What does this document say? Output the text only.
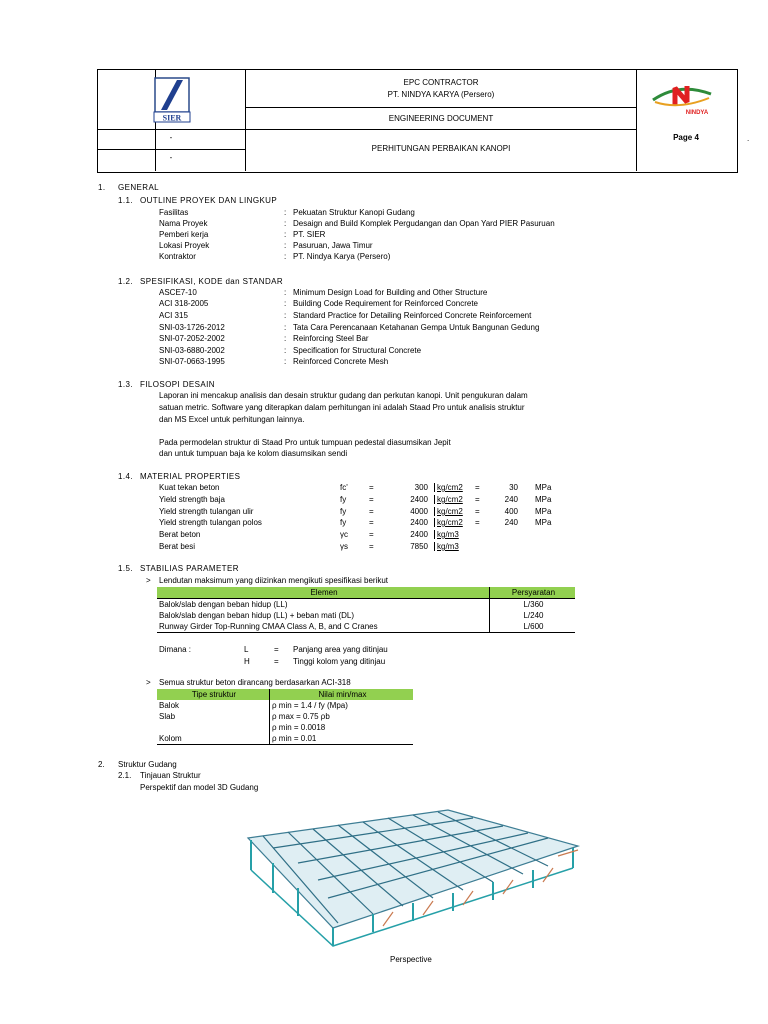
SIER
NINDYA
EPC CONTRACTOR
PT. NINDYA KARYA (Persero)
ENGINEERING DOCUMENT
PERHITUNGAN PERBAIKAN KANOPI
-
-
Page 4	.
1. GENERAL
1.1. OUTLINE PROYEK DAN LINGKUP
Fasilitas	: Pekuatan Struktur Kanopi Gudang
Nama Proyek	: Desaign and Build Komplek Pergudangan dan Opan Yard PIER Pasuruan
Pemberi kerja	: PT. SIER
Lokasi Proyek	: Pasuruan, Jawa Timur
Kontraktor	: PT. Nindya Karya (Persero)
1.2. SPESIFIKASI, KODE dan STANDAR
ASCE7-10	: Minimum Design Load for Building and Other Structure
ACI 318-2005	: Building Code Requirement for Reinforced Concrete
ACI 315	: Standard Practice for Detailing Reinforced Concrete Reinforcement
SNI-03-1726-2012	: Tata Cara Perencanaan Ketahanan Gempa Untuk Bangunan Gedung
SNI-07-2052-2002	: Reinforcing Steel Bar
SNI-03-6880-2002	: Specification for Structural Concrete
SNI-07-0663-1995	: Reinforced Concrete Mesh
1.3. FILOSOPI DESAIN
Laporan ini mencakup analisis dan desain struktur gudang dan perkutan kanopi. Unit pengukuran dalam
satuan metric. Software yang diterapkan dalam perhitungan ini adalah Staad Pro untuk analisis struktur
dan MS Excel untuk perhitungan lainnya.
Pada permodelan struktur di Staad Pro untuk tumpuan pedestal diasumsikan Jepit
dan untuk tumpuan baja ke kolom diasumsikan sendi
1.4. MATERIAL PROPERTIES
Kuat tekan beton	fc'	=	300	kg/cm2 =	30 MPa
Yield strength baja	fy	=	2400	kg/cm2 =	240 MPa
Yield strength tulangan ulir	fy	=	4000	kg/cm2 =	400 MPa
Yield strength tulangan polos	fy	=	2400	kg/cm2 =	240 MPa
Berat beton	γc	=	2400	kg/m3
Berat besi	γs	=	7850	kg/m3
1.5. STABILIAS PARAMETER
> Lendutan maksimum yang diizinkan mengikuti spesifikasi berikut
Elemen	Persyaratan
Balok/slab dengan beban hidup (LL)	L/360
Balok/slab dengan beban hidup (LL) + beban mati (DL)	L/240
Runway Girder Top-Running CMAA Class A, B, and C Cranes	L/600
Dimana :	L	= Panjang area yang ditinjau
H	= Tinggi kolom yang ditinjau
> Semua struktur beton dirancang berdasarkan ACI-318
Tipe struktur	Nilai min/max
Balok	ρ min = 1.4 / fy (Mpa)
Slab	ρ max = 0.75 ρb
	ρ min = 0.0018
Kolom	ρ min = 0.01
2. Struktur Gudang
2.1. Tinjauan Struktur
Perspektif dan model 3D Gudang
Perspective
